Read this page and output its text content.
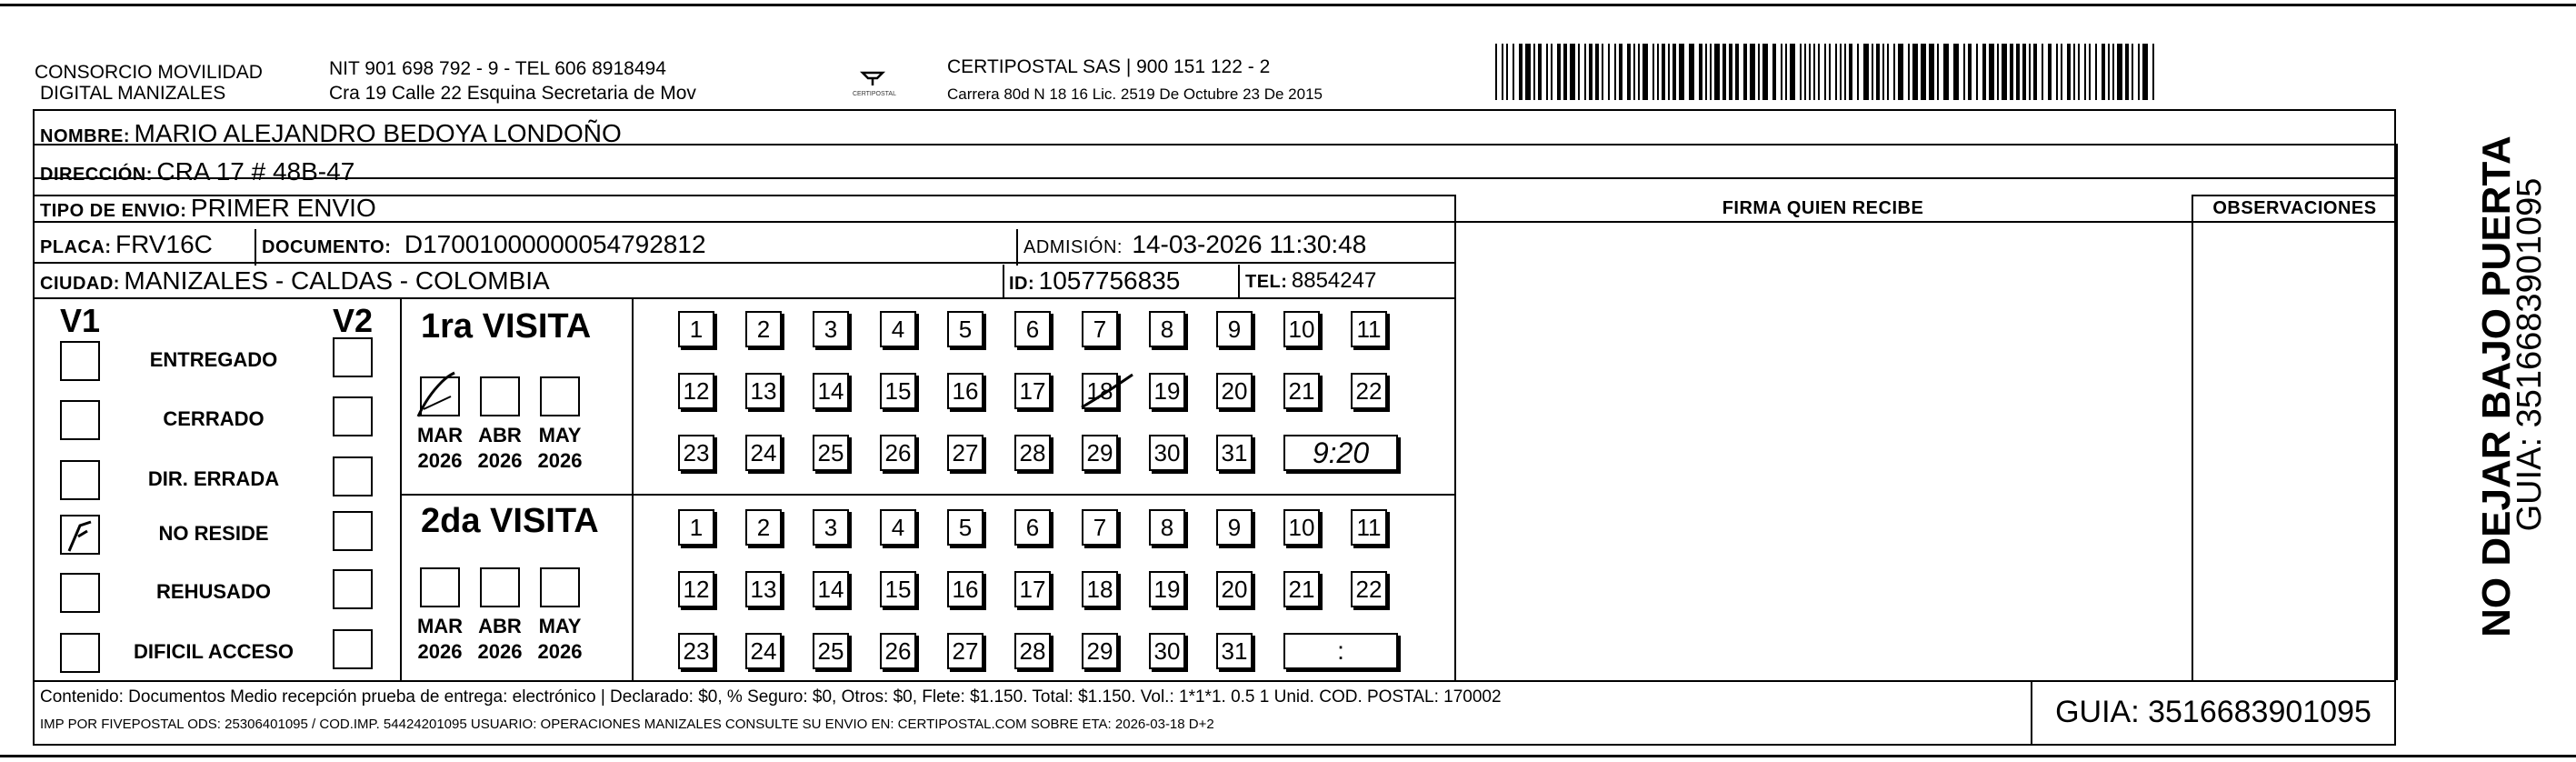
CONSORCIO MOVILIDAD
DIGITAL MANIZALES
NIT 901 698 792 - 9 - TEL 606 8918494
Cra 19 Calle 22 Esquina Secretaria de Mov	CERTIPOSTAL
CERTIPOSTAL SAS | 900 151 122 - 2
Carrera 80d N 18 16 Lic. 2519 De Octubre 23 De 2015
NOMBRE: MARIO ALEJANDRO BEDOYA LONDOÑO
DIRECCIÓN: CRA 17 # 48B-47
TIPO DE ENVIO: PRIMER ENVIO	FIRMA QUIEN RECIBE	OBSERVACIONES
PLACA: FRV16C	DOCUMENTO: D17001000000054792812	ADMISIÓN: 14-03-2026 11:30:48
CIUDAD: MANIZALES - CALDAS - COLOMBIA	ID: 1057756835	TEL: 8854247
V1	V2
ENTREGADO
CERRADO
DIR. ERRADA
NO RESIDE
REHUSADO
DIFICIL ACCESO
1ra VISITA
2da VISITA
MAR
2026
ABR
2026
MAY
2026
1	2	3	4	5	6	7	8	9	10 11
12 13 14 15 16 17 18 19 20 21 22
23 24 25 26 27 28 29 30 31	9:20
MAR
2026
ABR
2026
MAY
2026
1	2	3	4	5	6	7	8	9	10 11
12 13 14 15 16 17 18 19 20 21 22
23 24 25 26 27 28 29 30 31	:
Contenido: Documentos Medio recepción prueba de entrega: electrónico | Declarado: $0, % Seguro: $0, Otros: $0, Flete: $1.150. Total: $1.150. Vol.: 1*1*1. 0.5 1 Unid. COD. POSTAL: 170002
IMP POR FIVEPOSTAL ODS: 25306401095 / COD.IMP. 54424201095 USUARIO: OPERACIONES MANIZALES CONSULTE SU ENVIO EN: CERTIPOSTAL.COM SOBRE ETA: 2026-03-18 D+2	GUIA: 3516683901095
NO DEJAR BAJO PUERTA
GUIA: 3516683901095
